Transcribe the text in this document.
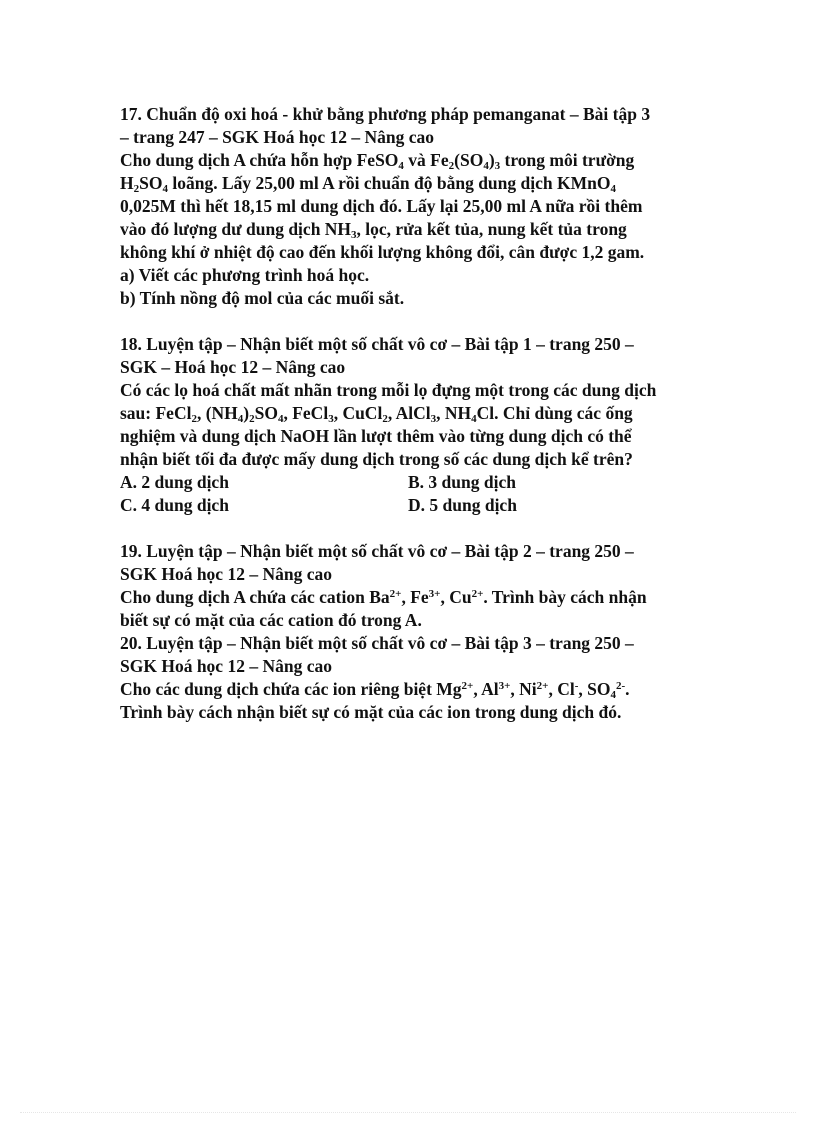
17. Chuẩn độ oxi hoá - khử bằng phương pháp pemanganat – Bài tập 3
– trang 247 – SGK Hoá học 12 – Nâng cao
Cho dung dịch A chứa hỗn hợp FeSO$_4$ và $Fe_2(SO_4)_3$ trong môi trường
$H_2SO_4$ loãng. Lấy 25,00 ml A rồi chuẩn độ bằng dung dịch KMnO$_4$
0,025M thì hết 18,15 ml dung dịch đó. Lấy lại 25,00 ml A nữa rồi thêm
vào đó lượng dư dung dịch $NH_3$, lọc, rửa kết tủa, nung kết tủa trong
không khí ở nhiệt độ cao đến khối lượng không đổi, cân được 1,2 gam.
a) Viết các phương trình hoá học.
b) Tính nồng độ mol của các muối sắt.
18. Luyện tập – Nhận biết một số chất vô cơ – Bài tập 1 – trang 250 –
SGK – Hoá học 12 – Nâng cao
Có các lọ hoá chất mất nhãn trong mỗi lọ đựng một trong các dung dịch
sau: FeCl$_2$, $(NH_4)_2SO_4$, FeCl$_3$, CuCl$_2$, AlCl$_3$, $NH_4Cl$. Chỉ dùng các ống
nghiệm và dung dịch NaOH lần lượt thêm vào từng dung dịch có thể
nhận biết tối đa được mấy dung dịch trong số các dung dịch kể trên?
A. 2 dung dịch	B. 3 dung dịch
C. 4 dung dịch	D. 5 dung dịch
19. Luyện tập – Nhận biết một số chất vô cơ – Bài tập 2 – trang 250 –
SGK Hoá học 12 – Nâng cao
Cho dung dịch A chứa các cation $Ba^{2+}$, $Fe^{3+}$, $Cu^{2+}$. Trình bày cách nhận
biết sự có mặt của các cation đó trong A.
20. Luyện tập – Nhận biết một số chất vô cơ – Bài tập 3 – trang 250 –
SGK Hoá học 12 – Nâng cao
Cho các dung dịch chứa các ion riêng biệt $Mg^{2+}$, $Al^{3+}$, $Ni^{2+}$, Cl-, $SO_4^{2-}$.
Trình bày cách nhận biết sự có mặt của các ion trong dung dịch đó.
